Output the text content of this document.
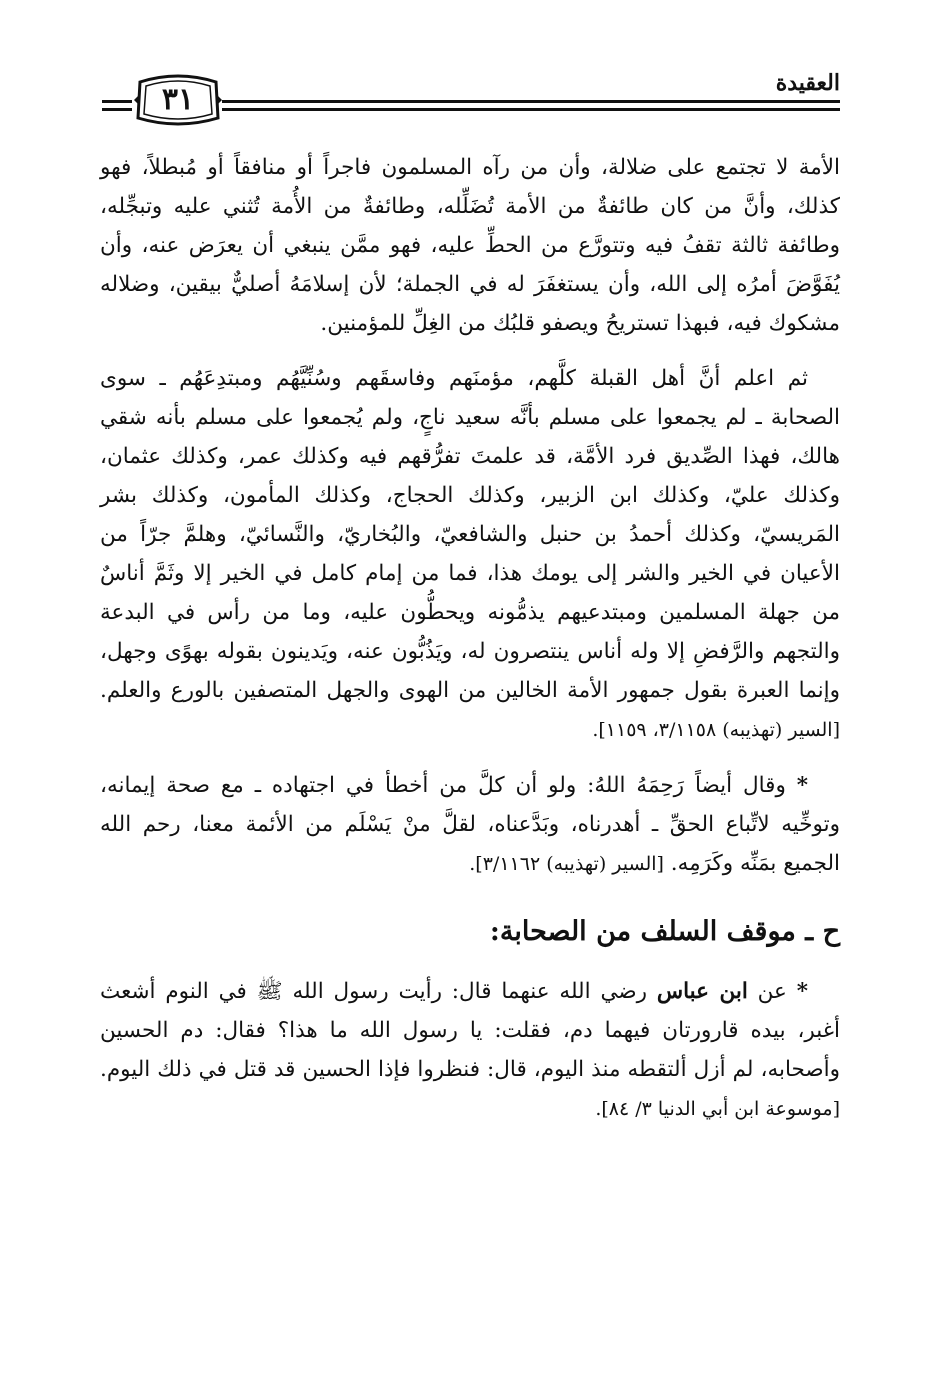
٣١	العقيدة

الأمة لا تجتمع على ضلالة، وأن من رآه المسلمون فاجراً أو منافقاً أو مُبطلاً، فهو كذلك، وأنَّ من كان طائفةٌ من الأمة تُضَلِّله، وطائفةٌ من الأُمة تُثني عليه وتبجِّله، وطائفة ثالثة تقفُ فيه وتتورَّع من الحطِّ عليه، فهو ممَّن ينبغي أن يعرَض عنه، وأن يُفَوَّضَ أمرُه إلى الله، وأن يستغفَرَ له في الجملة؛ لأن إسلامَهُ أصليٌّ بيقين، وضلاله مشكوك فيه، فبهذا تستريحُ ويصفو قلبُك من الغِلِّ للمؤمنين.

ثم اعلم أنَّ أهل القبلة كلَّهم، مؤمنَهم وفاسقَهم وسُنِّيَّهُم ومبتدِعَهُم ـ سوى الصحابة ـ لم يجمعوا على مسلم بأنَّه سعيد ناجٍ، ولم يُجمعوا على مسلم بأنه شقي هالك، فهذا الصِّديق فرد الأمَّة، قد علمتَ تفرُّقهم فيه وكذلك عمر، وكذلك عثمان، وكذلك عليّ، وكذلك ابن الزبير، وكذلك الحجاج، وكذلك المأمون، وكذلك بشر المَريسيّ، وكذلك أحمدُ بن حنبل والشافعيّ، والبُخاريّ، والنَّسائيّ، وهلمَّ جرّاً من الأعيان في الخير والشر إلى يومك هذا، فما من إمام كامل في الخير إلا وثَمَّ أناسٌ من جهلة المسلمين ومبتدعيهم يذمُّونه ويحطُّون عليه، وما من رأس في البدعة والتجهم والرَّفضِ إلا وله أناس ينتصرون له، ويَذُبُّون عنه، ويَدينون بقوله بهوًى وجهل، وإنما العبرة بقول جمهور الأمة الخالين من الهوى والجهل المتصفين بالورع والعلم. [السير (تهذيبه) ٣/١١٥٨، ١١٥٩].

* وقال أيضاً رَحِمَهُ اللهُ: ولو أن كلَّ من أخطأ في اجتهاده ـ مع صحة إيمانه، وتوخِّيه لاتِّباع الحقِّ ـ أهدرناه، وبَدَّعناه، لقلَّ منْ يَسْلَم من الأئمة معنا، رحم الله الجميع بمَنِّه وكَرَمِه. [السير (تهذيبه) ٣/١١٦٢].

ح ـ موقف السلف من الصحابة:

* عن ابن عباس رضي الله عنهما قال: رأيت رسول الله ﷺ في النوم أشعث أغبر، بيده قارورتان فيهما دم، فقلت: يا رسول الله ما هذا؟ فقال: دم الحسين وأصحابه، لم أزل ألتقطه منذ اليوم، قال: فنظروا فإذا الحسين قد قتل في ذلك اليوم. [موسوعة ابن أبي الدنيا ٣/ ٨٤].
